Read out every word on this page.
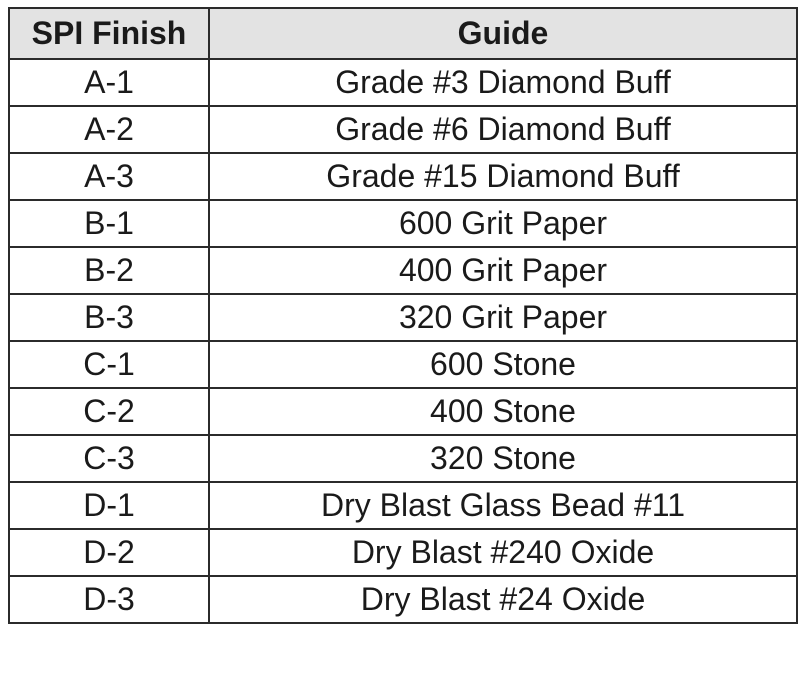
SPI Finish	Guide
A-1	Grade #3 Diamond Buff
A-2	Grade #6 Diamond Buff
A-3	Grade #15 Diamond Buff
B-1	600 Grit Paper
B-2	400 Grit Paper
B-3	320 Grit Paper
C-1	600 Stone
C-2	400 Stone
C-3	320 Stone
D-1	Dry Blast Glass Bead #11
D-2	Dry Blast #240 Oxide
D-3	Dry Blast #24 Oxide
